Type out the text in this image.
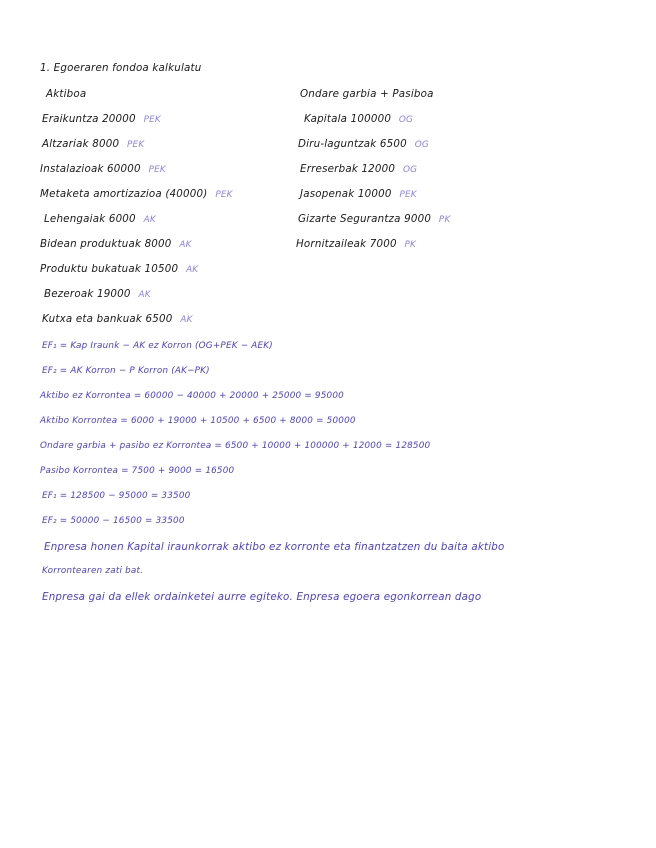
1. Egoeraren fondoa kalkulatu
Aktiboa	Ondare garbia + Pasiboa
Eraikuntza 20000 PEK
Altzariak 8000 PEK
Instalazioak 60000 PEK
Metaketa amortizazioa (40000) PEK
Lehengaiak 6000 AK
Bidean produktuak 8000 AK
Produktu bukatuak 10500 AK
Bezeroak 19000 AK
Kutxa eta bankuak 6500 AK
Kapitala 100000 OG
Diru-laguntzak 6500 OG
Erreserbak 12000 OG
Jasopenak 10000 PEK
Gizarte Segurantza 9000 PK
Hornitzaileak 7000 PK
EF₁ = Kap Iraunk − AK ez Korron (OG+PEK − AEK)
EF₂ = AK Korron − P Korron (AK−PK)
Aktibo ez Korrontea = 60000 − 40000 + 20000 + 25000 = 95000
Aktibo Korrontea = 6000 + 19000 + 10500 + 6500 + 8000 = 50000
Ondare garbia + pasibo ez Korrontea = 6500 + 10000 + 100000 + 12000 = 128500
Pasibo Korrontea = 7500 + 9000 = 16500
EF₁ = 128500 − 95000 = 33500
EF₂ = 50000 − 16500 = 33500
Enpresa honen Kapital iraunkorrak aktibo ez korronte eta finantzatzen du baita aktibo
Korrontearen zati bat.
Enpresa gai da ellek ordainketei aurre egiteko. Enpresa egoera egonkorrean dago
